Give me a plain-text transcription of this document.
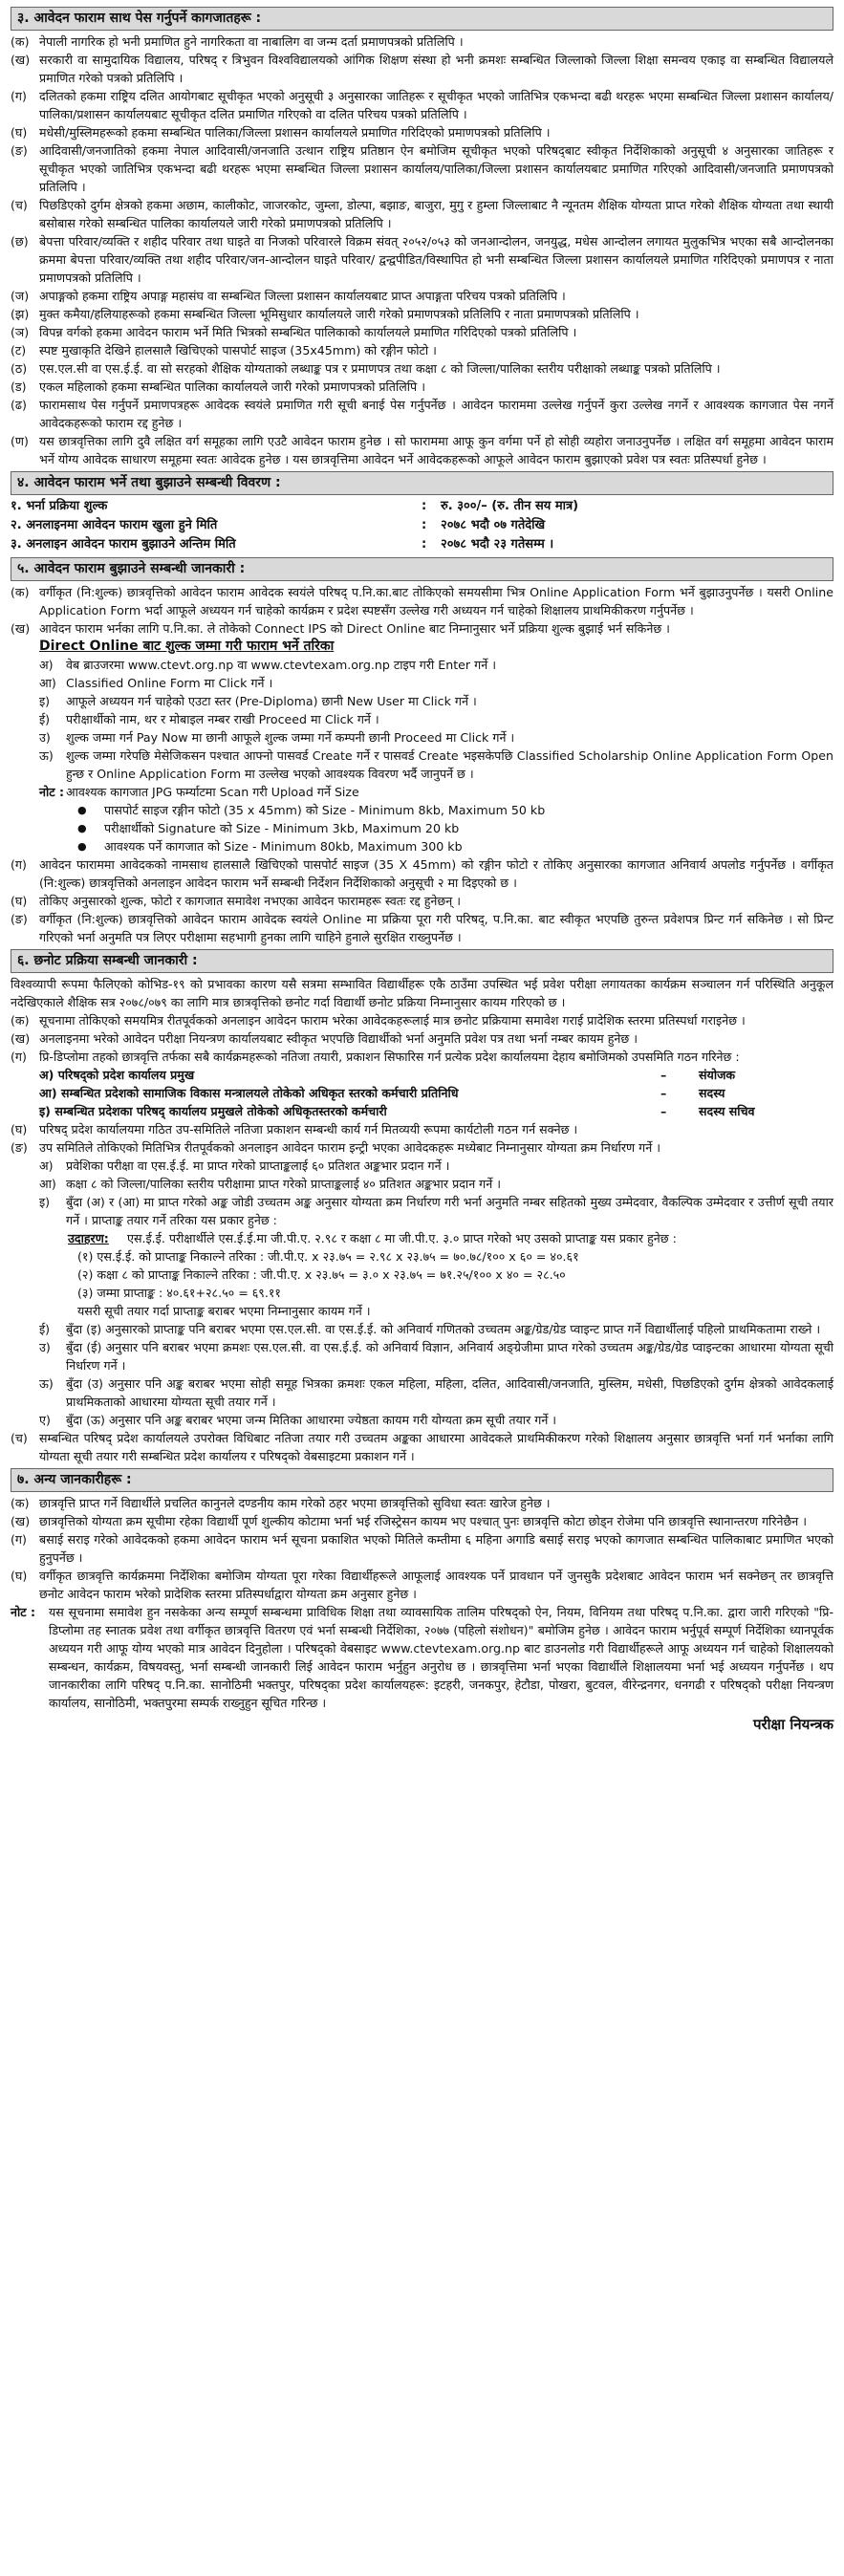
३. आवेदन फाराम साथ पेस गर्नुपर्ने कागजातहरू :
(क) नेपाली नागरिक हो भनी प्रमाणित हुने नागरिकता वा नाबालिग वा जन्म दर्ता प्रमाणपत्रको प्रतिलिपि ।
(ख) सरकारी वा सामुदायिक विद्यालय, परिषद् र त्रिभुवन विश्वविद्यालयको आंगिक शिक्षण संस्था हो भनी क्रमशः सम्बन्धित जिल्लाको जिल्ला शिक्षा समन्वय एकाइ वा सम्बन्धित विद्यालयले प्रमाणित गरेको पत्रको प्रतिलिपि ।
(ग)	दलितको हकमा राष्ट्रिय दलित आयोगबाट सूचीकृत भएको अनुसूची ३ अनुसारका जातिहरू र सूचीकृत भएको जातिभित्र एकभन्दा बढी थरहरू भएमा सम्बन्धित जिल्ला प्रशासन कार्यालय/पालिका/प्रशासन कार्यालयबाट सूचीकृत दलित प्रमाणित गरिएको वा दलित परिचय पत्रको प्रतिलिपि ।
(घ)	मधेसी/मुस्लिमहरूको हकमा सम्बन्धित पालिका/जिल्ला प्रशासन कार्यालयले प्रमाणित गरिदिएको प्रमाणपत्रको प्रतिलिपि ।
(ङ) आदिवासी/जनजातिको हकमा नेपाल आदिवासी/जनजाति उत्थान राष्ट्रिय प्रतिष्ठान ऐन बमोजिम सूचीकृत भएको परिषद्‌बाट स्वीकृत निर्देशिकाको अनुसूची ४ अनुसारका जातिहरू र सूचीकृत भएको जातिभित्र एकभन्दा बढी थरहरू भएमा सम्बन्धित जिल्ला प्रशासन कार्यालय/पालिका/जिल्ला प्रशासन कार्यालयबाट प्रमाणित गरिएको आदिवासी/जनजाति प्रमाणपत्रको प्रतिलिपि ।
(च) पिछडिएको दुर्गम क्षेत्रको हकमा अछाम, कालीकोट, जाजरकोट, जुम्ला, डोल्पा, बझाङ, बाजुरा, मुगु र हुम्ला जिल्लाबाट नै न्यूनतम शैक्षिक योग्यता प्राप्त गरेको शैक्षिक योग्यता तथा स्थायी बसोबास गरेको सम्बन्धित पालिका कार्यालयले जारी गरेको प्रमाणपत्रको प्रतिलिपि ।
(छ) बेपत्ता परिवार/व्यक्ति र शहीद परिवार तथा घाइते वा निजको परिवारले विक्रम संवत् २०५२/०५३ को जनआन्दोलन, जनयुद्ध, मधेस आन्दोलन लगायत मुलुकभित्र भएका सबै आन्दोलनका क्रममा बेपत्ता परिवार/व्यक्ति तथा शहीद परिवार/जन-आन्दोलन घाइते परिवार/ द्वन्द्वपीडित/विस्थापित हो भनी सम्बन्धित जिल्ला प्रशासन कार्यालयले प्रमाणित गरिदिएको प्रमाणपत्र र नाता प्रमाणपत्रको प्रतिलिपि ।
(ज) अपाङ्गको हकमा राष्ट्रिय अपाङ्ग महासंघ वा सम्बन्धित जिल्ला प्रशासन कार्यालयबाट प्राप्त अपाङ्गता परिचय पत्रको प्रतिलिपि ।
(झ) मुक्त कमैया/हलियाहरूको हकमा सम्बन्धित जिल्ला भूमिसुधार कार्यालयले जारी गरेको प्रमाणपत्रको प्रतिलिपि र नाता प्रमाणपत्रको प्रतिलिपि ।
(ञ) विपन्न वर्गको हकमा आवेदन फाराम भर्ने मिति भित्रको सम्बन्धित पालिकाको कार्यालयले प्रमाणित गरिदिएको पत्रको प्रतिलिपि ।
(ट)	स्पष्ट मुखाकृति देखिने हालसालै खिचिएको पासपोर्ट साइज (35x45mm) को रङ्गीन फोटो ।
(ठ)	एस.एल.सी वा एस.ई.ई. वा सो सरहको शैक्षिक योग्यताको लब्धाङ्क पत्र र प्रमाणपत्र तथा कक्षा ८ को जिल्ला/पालिका स्तरीय परीक्षाको लब्धाङ्क पत्रको प्रतिलिपि ।
(ड)	एकल महिलाको हकमा सम्बन्धित पालिका कार्यालयले जारी गरेको प्रमाणपत्रको प्रतिलिपि ।
(ढ)	फारामसाथ पेस गर्नुपर्ने प्रमाणपत्रहरू आवेदक स्वयंले प्रमाणित गरी सूची बनाई पेस गर्नुपर्नेछ । आवेदन फाराममा उल्लेख गर्नुपर्ने कुरा उल्लेख नगर्ने र आवश्यक कागजात पेस नगर्ने आवेदकहरूको फाराम रद्द हुनेछ ।
(ण) यस छात्रवृत्तिका लागि दुवै लक्षित वर्ग समूहका लागि एउटै आवेदन फाराम हुनेछ । सो फाराममा आफू कुन वर्गमा पर्ने हो सोही व्यहोरा जनाउनुपर्नेछ । लक्षित वर्ग समूहमा आवेदन फाराम भर्ने योग्य आवेदक साधारण समूहमा स्वतः आवेदक हुनेछ । यस छात्रवृत्तिमा आवेदन भर्ने आवेदकहरूको आफूले आवेदन फाराम बुझाएको प्रवेश पत्र स्वतः प्रतिस्पर्धा हुनेछ ।
४. आवेदन फाराम भर्ने तथा बुझाउने सम्बन्धी विवरण :
१. भर्ना प्रक्रिया शुल्क	:	रु. ३००/– (रु. तीन सय मात्र)
२. अनलाइनमा आवेदन फाराम खुला हुने मिति	:	२०७८ भदौ ०७ गतेदेखि
३. अनलाइन आवेदन फाराम बुझाउने अन्तिम मिति	:	२०७८ भदौ २३ गतेसम्म ।
५. आवेदन फाराम बुझाउने सम्बन्धी जानकारी :
(क) वर्गीकृत (नि:शुल्क) छात्रवृत्तिको आवेदन फाराम आवेदक स्वयंले परिषद् प.नि.का.बाट तोकिएको समयसीमा भित्र Online Application Form भर्ने बुझाउनुपर्नेछ । यसरी Online Application Form भर्दा आफूले अध्ययन गर्न चाहेको कार्यक्रम र प्रदेश स्पष्टसँग उल्लेख गरी अध्ययन गर्न चाहेको शिक्षालय प्राथमिकीकरण गर्नुपर्नेछ ।
(ख) आवेदन फाराम भर्नका लागि प.नि.का. ले तोकेको Connect IPS को Direct Online बाट निम्नानुसार भर्ने प्रक्रिया शुल्क बुझाई भर्न सकिनेछ ।
Direct Online बाट शुल्क जम्मा गरी फाराम भर्ने तरिका
अ)	वेब ब्राउजरमा www.ctevt.org.np वा www.ctevtexam.org.np टाइप गरी Enter गर्ने ।
आ) Classified Online Form मा Click गर्ने ।
इ)	आफूले अध्ययन गर्न चाहेको एउटा स्तर (Pre-Diploma) छानी New User मा Click गर्ने ।
ई)	परीक्षार्थीको नाम, थर र मोबाइल नम्बर राखी Proceed मा Click गर्ने ।
उ)	शुल्क जम्मा गर्न Pay Now मा छानी आफूले शुल्क जम्मा गर्ने कम्पनी छानी Proceed मा Click गर्ने ।
ऊ)	शुल्क जम्मा गरेपछि मेसेजिकसन पश्चात आफ्नो पासवर्ड Create गर्ने र पासवर्ड Create भइसकेपछि Classified Scholarship Online Application Form Open हुन्छ र Online Application Form मा उल्लेख भएको आवश्यक विवरण भर्दै जानुपर्ने छ ।
नोट : आवश्यक कागजात JPG फर्म्याटमा Scan गरी Upload गर्ने Size
●	पासपोर्ट साइज रङ्गीन फोटो (35 x 45mm) को Size - Minimum 8kb, Maximum 50 kb
●	परीक्षार्थीको Signature को Size - Minimum 3kb, Maximum 20 kb
●	आवश्यक पर्ने कागजात को Size - Minimum 80kb, Maximum 300 kb
(ग)	आवेदन फाराममा आवेदकको नामसाथ हालसालै खिचिएको पासपोर्ट साइज (35 X 45mm) को रङ्गीन फोटो र तोकिए अनुसारका कागजात अनिवार्य अपलोड गर्नुपर्नेछ । वर्गीकृत (नि:शुल्क) छात्रवृत्तिको अनलाइन आवेदन फाराम भर्ने सम्बन्धी निर्देशन निर्देशिकाको अनुसूची २ मा दिइएको छ ।
(घ)	तोकिए अनुसारको शुल्क, फोटो र कागजात समावेश नभएका आवेदन फारामहरू स्वतः रद्द हुनेछन् ।
(ङ) वर्गीकृत (नि:शुल्क) छात्रवृत्तिको आवेदन फाराम आवेदक स्वयंले Online मा प्रक्रिया पूरा गरी परिषद्, प.नि.का. बाट स्वीकृत भएपछि तुरुन्त प्रवेशपत्र प्रिन्ट गर्न सकिनेछ । सो प्रिन्ट गरिएको भर्ना अनुमति पत्र लिएर परीक्षामा सहभागी हुनका लागि चाहिने हुनाले सुरक्षित राख्नुपर्नेछ ।
६. छनोट प्रक्रिया सम्बन्धी जानकारी :
विश्वव्यापी रूपमा फैलिएको कोभिड-१९ को प्रभावका कारण यसै सत्रमा सम्भावित विद्यार्थीहरू एकै ठाउँमा उपस्थित भई प्रवेश परीक्षा लगायतका कार्यक्रम सञ्चालन गर्न परिस्थिति अनुकूल नदेखिएकाले शैक्षिक सत्र २०७८/०७९ का लागि मात्र छात्रवृत्तिको छनोट गर्दा विद्यार्थी छनोट प्रक्रिया निम्नानुसार कायम गरिएको छ ।
(क) सूचनामा तोकिएको समयमित्र रीतपूर्वकको अनलाइन आवेदन फाराम भरेका आवेदकहरूलाई मात्र छनोट प्रक्रियामा समावेश गराई प्रादेशिक स्तरमा प्रतिस्पर्धा गराइनेछ ।
(ख) अनलाइनमा भरेको आवेदन परीक्षा नियन्त्रण कार्यालयबाट स्वीकृत भएपछि विद्यार्थीको भर्ना अनुमति प्रवेश पत्र तथा भर्ना नम्बर कायम हुनेछ ।
(ग)	प्रि-डिप्लोमा तहको छात्रवृत्ति तर्फका सबै कार्यक्रमहरूको नतिजा तयारी, प्रकाशन सिफारिस गर्न प्रत्येक प्रदेश कार्यालयमा देहाय बमोजिमको उपसमिति गठन गरिनेछ :
अ) परिषद्‌को प्रदेश कार्यालय प्रमुख	–	संयोजक
आ) सम्बन्धित प्रदेशको सामाजिक विकास मन्त्रालयले तोकेको अधिकृत स्तरको कर्मचारी प्रतिनिधि	–	सदस्य
इ) सम्बन्धित प्रदेशका परिषद् कार्यालय प्रमुखले तोकेको अधिकृतस्तरको कर्मचारी	–	सदस्य सचिव
(घ)	परिषद् प्रदेश कार्यालयमा गठित उप-समितिले नतिजा प्रकाशन सम्बन्धी कार्य गर्न मितव्ययी रूपमा कार्यटोली गठन गर्न सक्नेछ ।
(ङ) उप समितिले तोकिएको मितिभित्र रीतपूर्वकको अनलाइन आवेदन फाराम इन्ट्री भएका आवेदकहरू मध्येबाट निम्नानुसार योग्यता क्रम निर्धारण गर्ने ।
अ)	प्रवेशिका परीक्षा वा एस.ई.ई. मा प्राप्त गरेको प्राप्ताङ्कलाई ६० प्रतिशत अङ्कभार प्रदान गर्ने ।
आ) कक्षा ८ को जिल्ला/पालिका स्तरीय परीक्षामा प्राप्त गरेको प्राप्ताङ्कलाई ४० प्रतिशत अङ्कभार प्रदान गर्ने ।
इ)	बुँदा (अ) र (आ) मा प्राप्त गरेको अङ्क जोडी उच्चतम अङ्क अनुसार योग्यता क्रम निर्धारण गरी भर्ना अनुमति नम्बर सहितको मुख्य उम्मेदवार, वैकल्पिक उम्मेदवार र उत्तीर्ण सूची तयार गर्ने । प्राप्ताङ्क तयार गर्ने तरिका यस प्रकार हुनेछ :
उदाहरण:	एस.ई.ई. परीक्षार्थीले एस.ई.ई.मा जी.पी.ए. २.९८ र कक्षा ८ मा जी.पी.ए. ३.० प्राप्त गरेको भए उसको प्राप्ताङ्क यस प्रकार हुनेछ :
(१) एस.ई.ई. को प्राप्ताङ्क निकाल्ने तरिका : जी.पी.ए. x २३.७५ = २.९८ x २३.७५ = ७०.७८/१०० x ६० = ४०.६१
(२) कक्षा ८ को प्राप्ताङ्क निकाल्ने तरिका : जी.पी.ए. x २३.७५ = ३.० x २३.७५ = ७१.२५/१०० x ४० = २८.५०
(३) जम्मा प्राप्ताङ्क : ४०.६१+२८.५० = ६९.११
यसरी सूची तयार गर्दा प्राप्ताङ्क बराबर भएमा निम्नानुसार कायम गर्ने ।
ई)	बुँदा (इ) अनुसारको प्राप्ताङ्क पनि बराबर भएमा एस.एल.सी. वा एस.ई.ई. को अनिवार्य गणितको उच्चतम अङ्क/ग्रेड/ग्रेड प्वाइन्ट प्राप्त गर्ने विद्यार्थीलाई पहिलो प्राथमिकतामा राख्ने ।
उ)	बुँदा (ई) अनुसार पनि बराबर भएमा क्रमशः एस.एल.सी. वा एस.ई.ई. को अनिवार्य विज्ञान, अनिवार्य अङ्ग्रेजीमा प्राप्त गरेको उच्चतम अङ्क/ग्रेड/ग्रेड प्वाइन्टका आधारमा योग्यता सूची निर्धारण गर्ने ।
ऊ)	बुँदा (उ) अनुसार पनि अङ्क बराबर भएमा सोही समूह भित्रका क्रमशः एकल महिला, महिला, दलित, आदिवासी/जनजाति, मुस्लिम, मधेसी, पिछडिएको दुर्गम क्षेत्रको आवेदकलाई प्राथमिकताको आधारमा योग्यता सूची तयार गर्ने ।
ए)	बुँदा (ऊ) अनुसार पनि अङ्क बराबर भएमा जन्म मितिका आधारमा ज्येष्ठता कायम गरी योग्यता क्रम सूची तयार गर्ने ।
(च) सम्बन्धित परिषद् प्रदेश कार्यालयले उपरोक्त विधिबाट नतिजा तयार गरी उच्चतम अङ्कका आधारमा आवेदकले प्राथमिकीकरण गरेको शिक्षालय अनुसार छात्रवृत्ति भर्ना गर्न भर्नाका लागि योग्यता सूची तयार गरी सम्बन्धित प्रदेश कार्यालय र परिषद्‌को वेबसाइटमा प्रकाशन गर्ने ।
७. अन्य जानकारीहरू :
(क) छात्रवृत्ति प्राप्त गर्ने विद्यार्थीले प्रचलित कानुनले दण्डनीय काम गरेको ठहर भएमा छात्रवृत्तिको सुविधा स्वतः खारेज हुनेछ ।
(ख) छात्रवृत्तिको योग्यता क्रम सूचीमा रहेका विद्यार्थी पूर्ण शुल्कीय कोटामा भर्ना भई रजिस्ट्रेसन कायम भए पश्चात् पुनः छात्रवृत्ति कोटा छोड्न रोजेमा पनि छात्रवृत्ति स्थानान्तरण गरिनेछैन ।
(ग)	बसाई सराइ गरेको आवेदकको हकमा आवेदन फाराम भर्न सूचना प्रकाशित भएको मितिले कम्तीमा ६ महिना अगाडि बसाई सराइ भएको कागजात सम्बन्धित पालिकाबाट प्रमाणित भएको हुनुपर्नेछ ।
(घ)	वर्गीकृत छात्रवृत्ति कार्यक्रममा निर्देशिका बमोजिम योग्यता पूरा गरेका विद्यार्थीहरूले आफूलाई आवश्यक पर्ने प्रावधान पर्ने जुनसुकै प्रदेशबाट आवेदन फाराम भर्न सक्नेछन् तर छात्रवृत्ति छनोट आवेदन फाराम भरेको प्रादेशिक स्तरमा प्रतिस्पर्धाद्वारा योग्यता क्रम अनुसार हुनेछ ।
नोट :	यस सूचनामा समावेश हुन नसकेका अन्य सम्पूर्ण सम्बन्धमा प्राविधिक शिक्षा तथा व्यावसायिक तालिम परिषद्‌को ऐन, नियम, विनियम तथा परिषद् प.नि.का. द्वारा जारी गरिएको "प्रि-डिप्लोमा तह स्नातक प्रवेश तथा वर्गीकृत छात्रवृत्ति वितरण एवं भर्ना सम्बन्धी निर्देशिका, २०७७ (पहिलो संशोधन)" बमोजिम हुनेछ । आवेदन फाराम भर्नुपूर्व सम्पूर्ण निर्देशिका ध्यानपूर्वक अध्ययन गरी आफू योग्य भएको मात्र आवेदन दिनुहोला । परिषद्‌को वेबसाइट www.ctevtexam.org.np बाट डाउनलोड गरी विद्यार्थीहरूले आफू अध्ययन गर्न चाहेको शिक्षालयको सम्बन्धन, कार्यक्रम, विषयवस्तु, भर्ना सम्बन्धी जानकारी लिई आवेदन फाराम भर्नुहुन अनुरोध छ । छात्रवृत्तिमा भर्ना भएका विद्यार्थीले शिक्षालयमा भर्ना भई अध्ययन गर्नुपर्नेछ । थप जानकारीका लागि परिषद् प.नि.का. सानोठिमी भक्तपुर, परिषद्‌का प्रदेश कार्यालयहरू: इटहरी, जनकपुर, हेटौडा, पोखरा, बुटवल, वीरेन्द्रनगर, धनगढी र परिषद्‌को परीक्षा नियन्त्रण कार्यालय, सानोठिमी, भक्तपुरमा सम्पर्क राख्नुहुन सूचित गरिन्छ ।
परीक्षा नियन्त्रक
